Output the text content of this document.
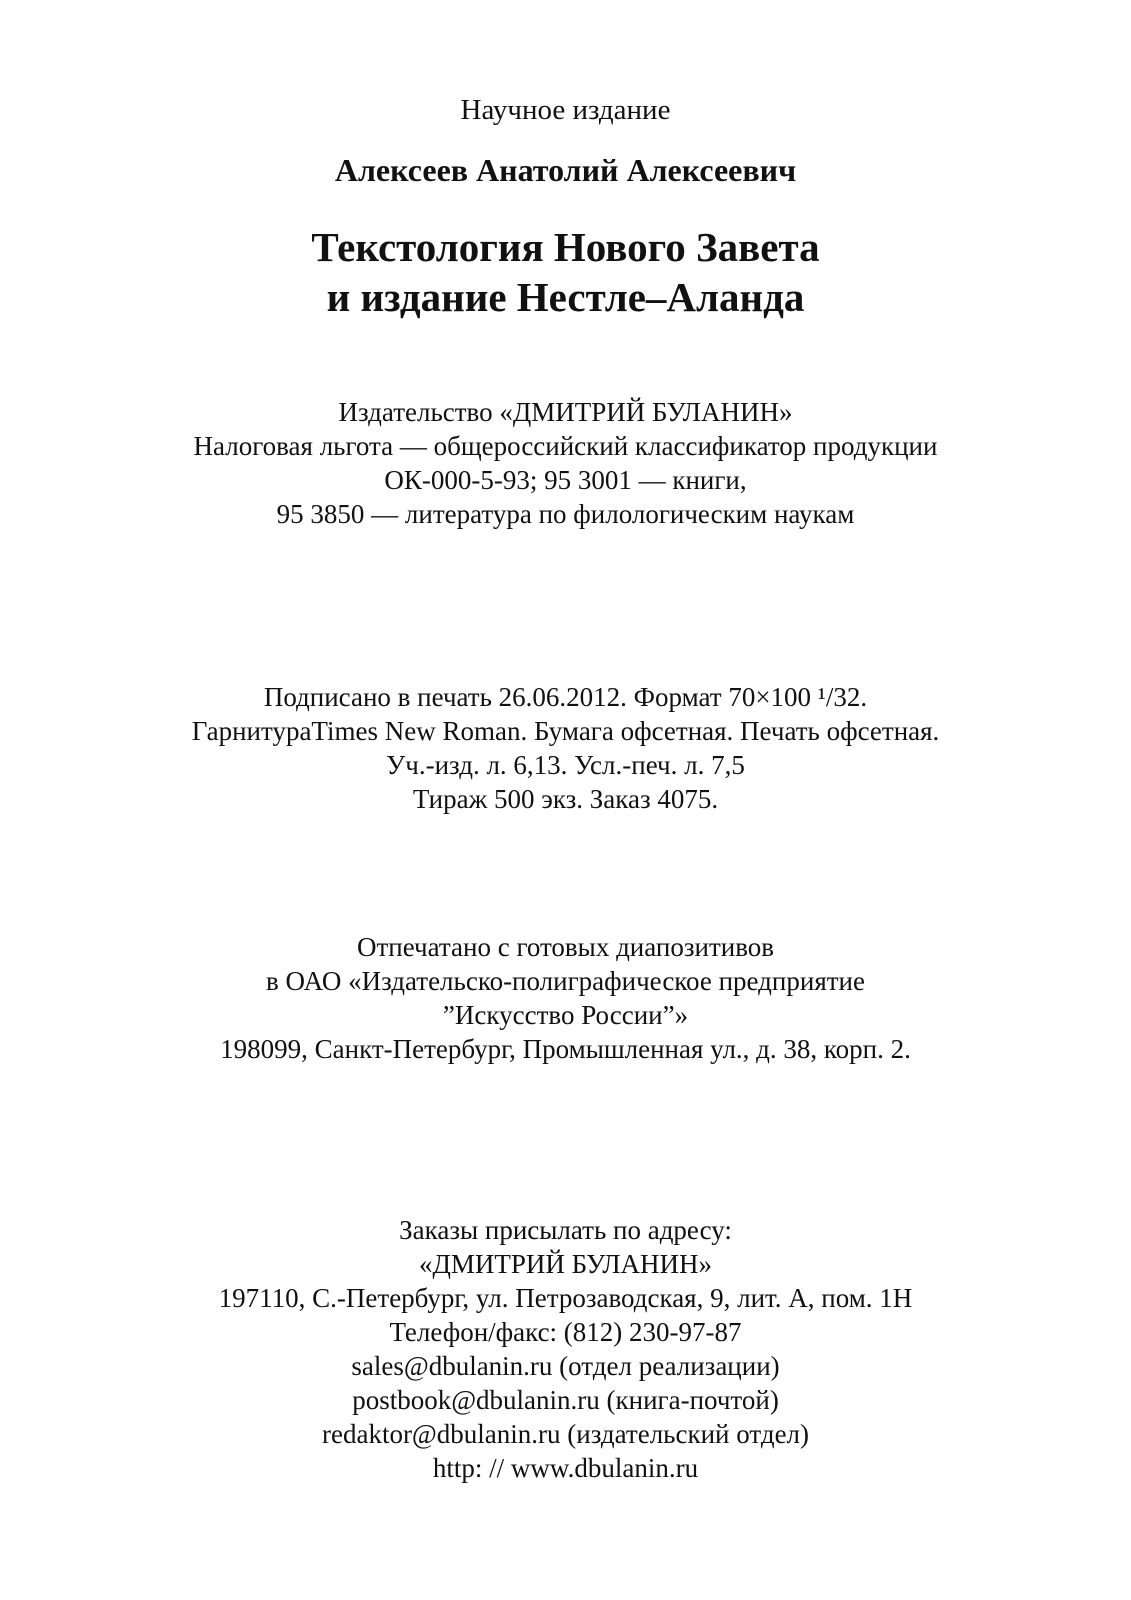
Научное издание
Алексеев Анатолий Алексеевич
Текстология Нового Завета
и издание Нестле–Аланда
Издательство «ДМИТРИЙ БУЛАНИН»
Налоговая льгота — общероссийский классификатор продукции
ОК-000-5-93; 95 3001 — книги,
95 3850 — литература по филологическим наукам
Подписано в печать 26.06.2012. Формат 70×100 ¹/32.
ГарнитураTimes New Roman. Бумага офсетная. Печать офсетная.
Уч.-изд. л. 6,13. Усл.-печ. л. 7,5
Тираж 500 экз. Заказ 4075.
Отпечатано с готовых диапозитивов
в ОАО «Издательско-полиграфическое предприятие
”Искусство России”»
198099, Санкт-Петербург, Промышленная ул., д. 38, корп. 2.
Заказы присылать по адресу:
«ДМИТРИЙ БУЛАНИН»
197110, С.-Петербург, ул. Петрозаводская, 9, лит. А, пом. 1Н
Телефон/факс: (812) 230-97-87
sales@dbulanin.ru (отдел реализации)
postbook@dbulanin.ru (книга-почтой)
redaktor@dbulanin.ru (издательский отдел)
http: // www.dbulanin.ru
